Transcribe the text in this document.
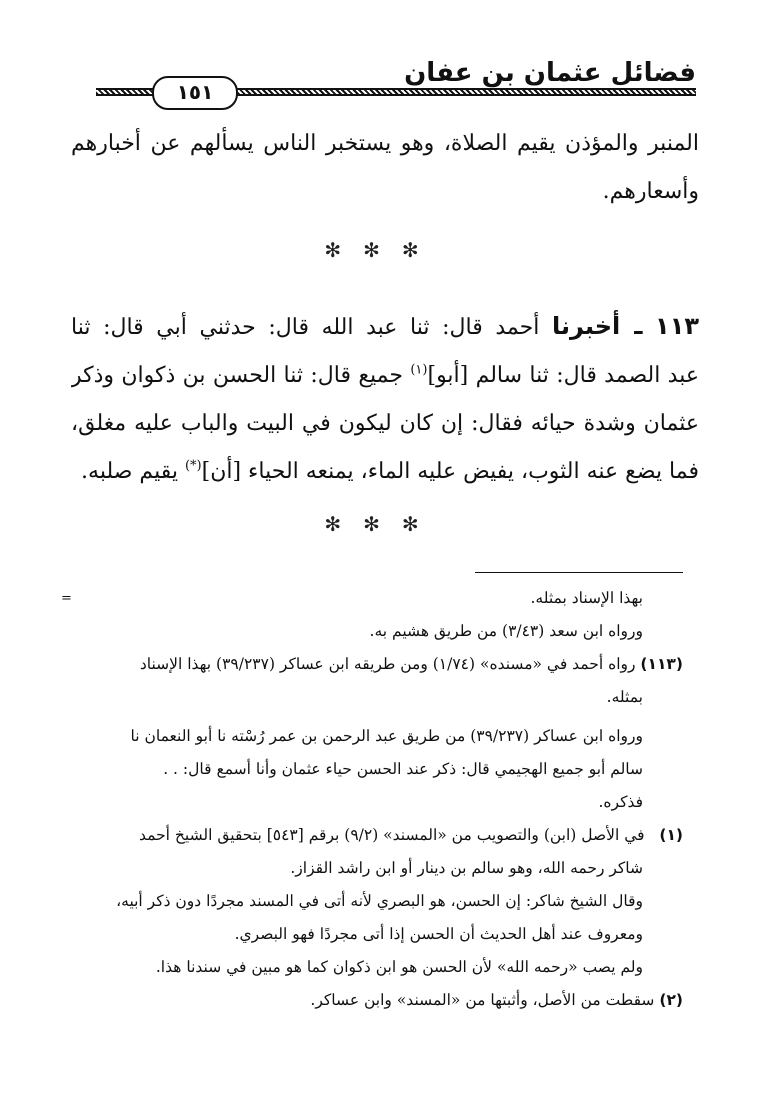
فضائل عثمان بن عفان
١٥١
المنبر والمؤذن يقيم الصلاة، وهو يستخبر الناس يسألهم عن أخبارهم
وأسعارهم.
✻✻✻
١١٣ ـ أخبرنا أحمد قال: ثنا عبد الله قال: حدثني أبي قال: ثنا
عبد الصمد قال: ثنا سالم [أبو]$^{(١)}$ جميع قال: ثنا الحسن بن ذكوان وذكر
عثمان وشدة حيائه فقال: إن كان ليكون في البيت والباب عليه مغلق،
فما يضع عنه الثوب، يفيض عليه الماء، يمنعه الحياء [أن](*) يقيم صلبه.
✻✻✻
=	بهذا الإسناد بمثله.
ورواه ابن سعد (٣/٤٣) من طريق هشيم به.
(١١٣) رواه أحمد في «مسنده» (١/٧٤) ومن طريقه ابن عساكر (٣٩/٢٣٧) بهذا الإسناد
بمثله.
ورواه ابن عساكر (٣٩/٢٣٧) من طريق عبد الرحمن بن عمر رُسْته نا أبو النعمان نا
سالم أبو جميع الهجيمي قال: ذكر عند الحسن حياء عثمان وأنا أسمع قال: . .
فذكره.
(١)   في الأصل (ابن) والتصويب من «المسند» (٩/٢) برقم [٥٤٣] بتحقيق الشيخ أحمد
شاكر رحمه الله، وهو سالم بن دينار أو ابن راشد القزاز.
وقال الشيخ شاكر: إن الحسن، هو البصري لأنه أتى في المسند مجردًا دون ذكر أبيه،
ومعروف عند أهل الحديث أن الحسن إذا أتى مجردًا فهو البصري.
ولم يصب «رحمه الله» لأن الحسن هو ابن ذكوان كما هو مبين في سندنا هذا.
(٢) سقطت من الأصل، وأثبتها من «المسند» وابن عساكر.
